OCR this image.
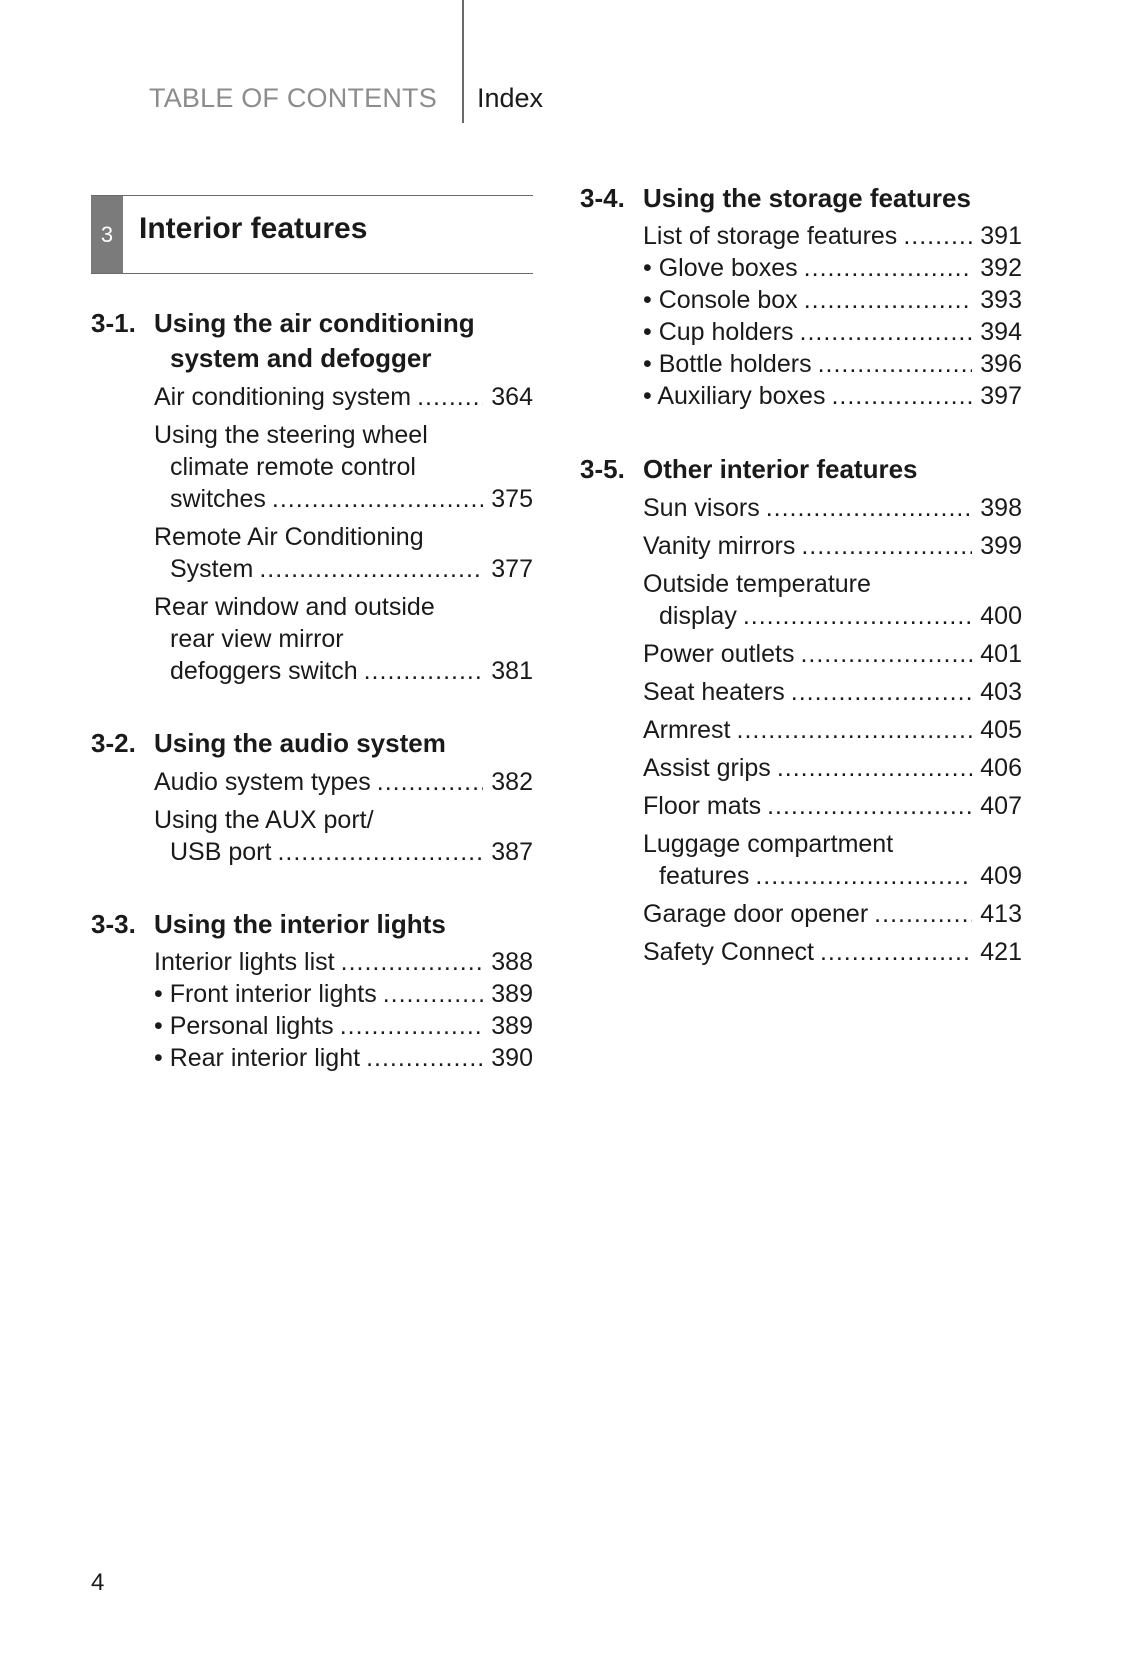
TABLE OF CONTENTS Index
3 Interior features
3-1. Using the air conditioning
system and defogger
Air conditioning system .....	364
Using the steering wheel
climate remote control
switches .....	375
Remote Air Conditioning
System .....	377
Rear window and outside
rear view mirror
defoggers switch .....	381
3-2. Using the audio system
Audio system types .....	382
Using the AUX port/
USB port .....	387
3-3. Using the interior lights
Interior lights list .....	388
• Front interior lights .....	389
• Personal lights .....	389
• Rear interior light .....	390
3-4. Using the storage features
List of storage features .....	391
• Glove boxes .....	392
• Console box .....	393
• Cup holders .....	394
• Bottle holders .....	396
• Auxiliary boxes .....	397
3-5. Other interior features
Sun visors .....	398
Vanity mirrors .....	399
Outside temperature
display .....	400
Power outlets .....	401
Seat heaters .....	403
Armrest .....	405
Assist grips .....	406
Floor mats .....	407
Luggage compartment
features .....	409
Garage door opener .....	413
Safety Connect .....	421
4
